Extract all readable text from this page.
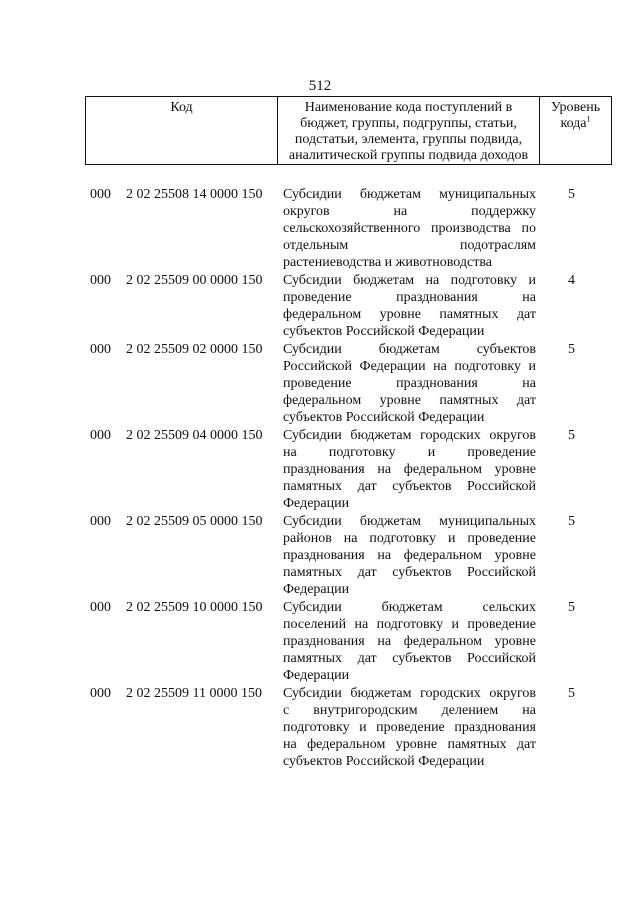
512
Код	Наименование кода поступлений в
бюджет, группы, подгруппы, статьи,
подстатьи, элемента, группы подвида,
аналитической группы подвида доходов
Уровень
кода$^1$
000 2 02 25508 14 0000 150 Субсидии бюджетам муниципальных
округов на поддержку
сельскохозяйственного производства по
отдельным подотраслям
растениеводства и животноводства
5
000 2 02 25509 00 0000 150 Субсидии бюджетам на подготовку и
проведение празднования на
федеральном уровне памятных дат
субъектов Российской Федерации
4
000 2 02 25509 02 0000 150 Субсидии бюджетам субъектов
Российской Федерации на подготовку и
проведение празднования на
федеральном уровне памятных дат
субъектов Российской Федерации
5
000 2 02 25509 04 0000 150 Субсидии бюджетам городских округов
на подготовку и проведение
празднования на федеральном уровне
памятных дат субъектов Российской
Федерации
5
000 2 02 25509 05 0000 150 Субсидии бюджетам муниципальных
районов на подготовку и проведение
празднования на федеральном уровне
памятных дат субъектов Российской
Федерации
5
000 2 02 25509 10 0000 150 Субсидии бюджетам сельских
поселений на подготовку и проведение
празднования на федеральном уровне
памятных дат субъектов Российской
Федерации
5
000 2 02 25509 11 0000 150 Субсидии бюджетам городских округов
с внутригородским делением на
подготовку и проведение празднования
на федеральном уровне памятных дат
субъектов Российской Федерации
5
